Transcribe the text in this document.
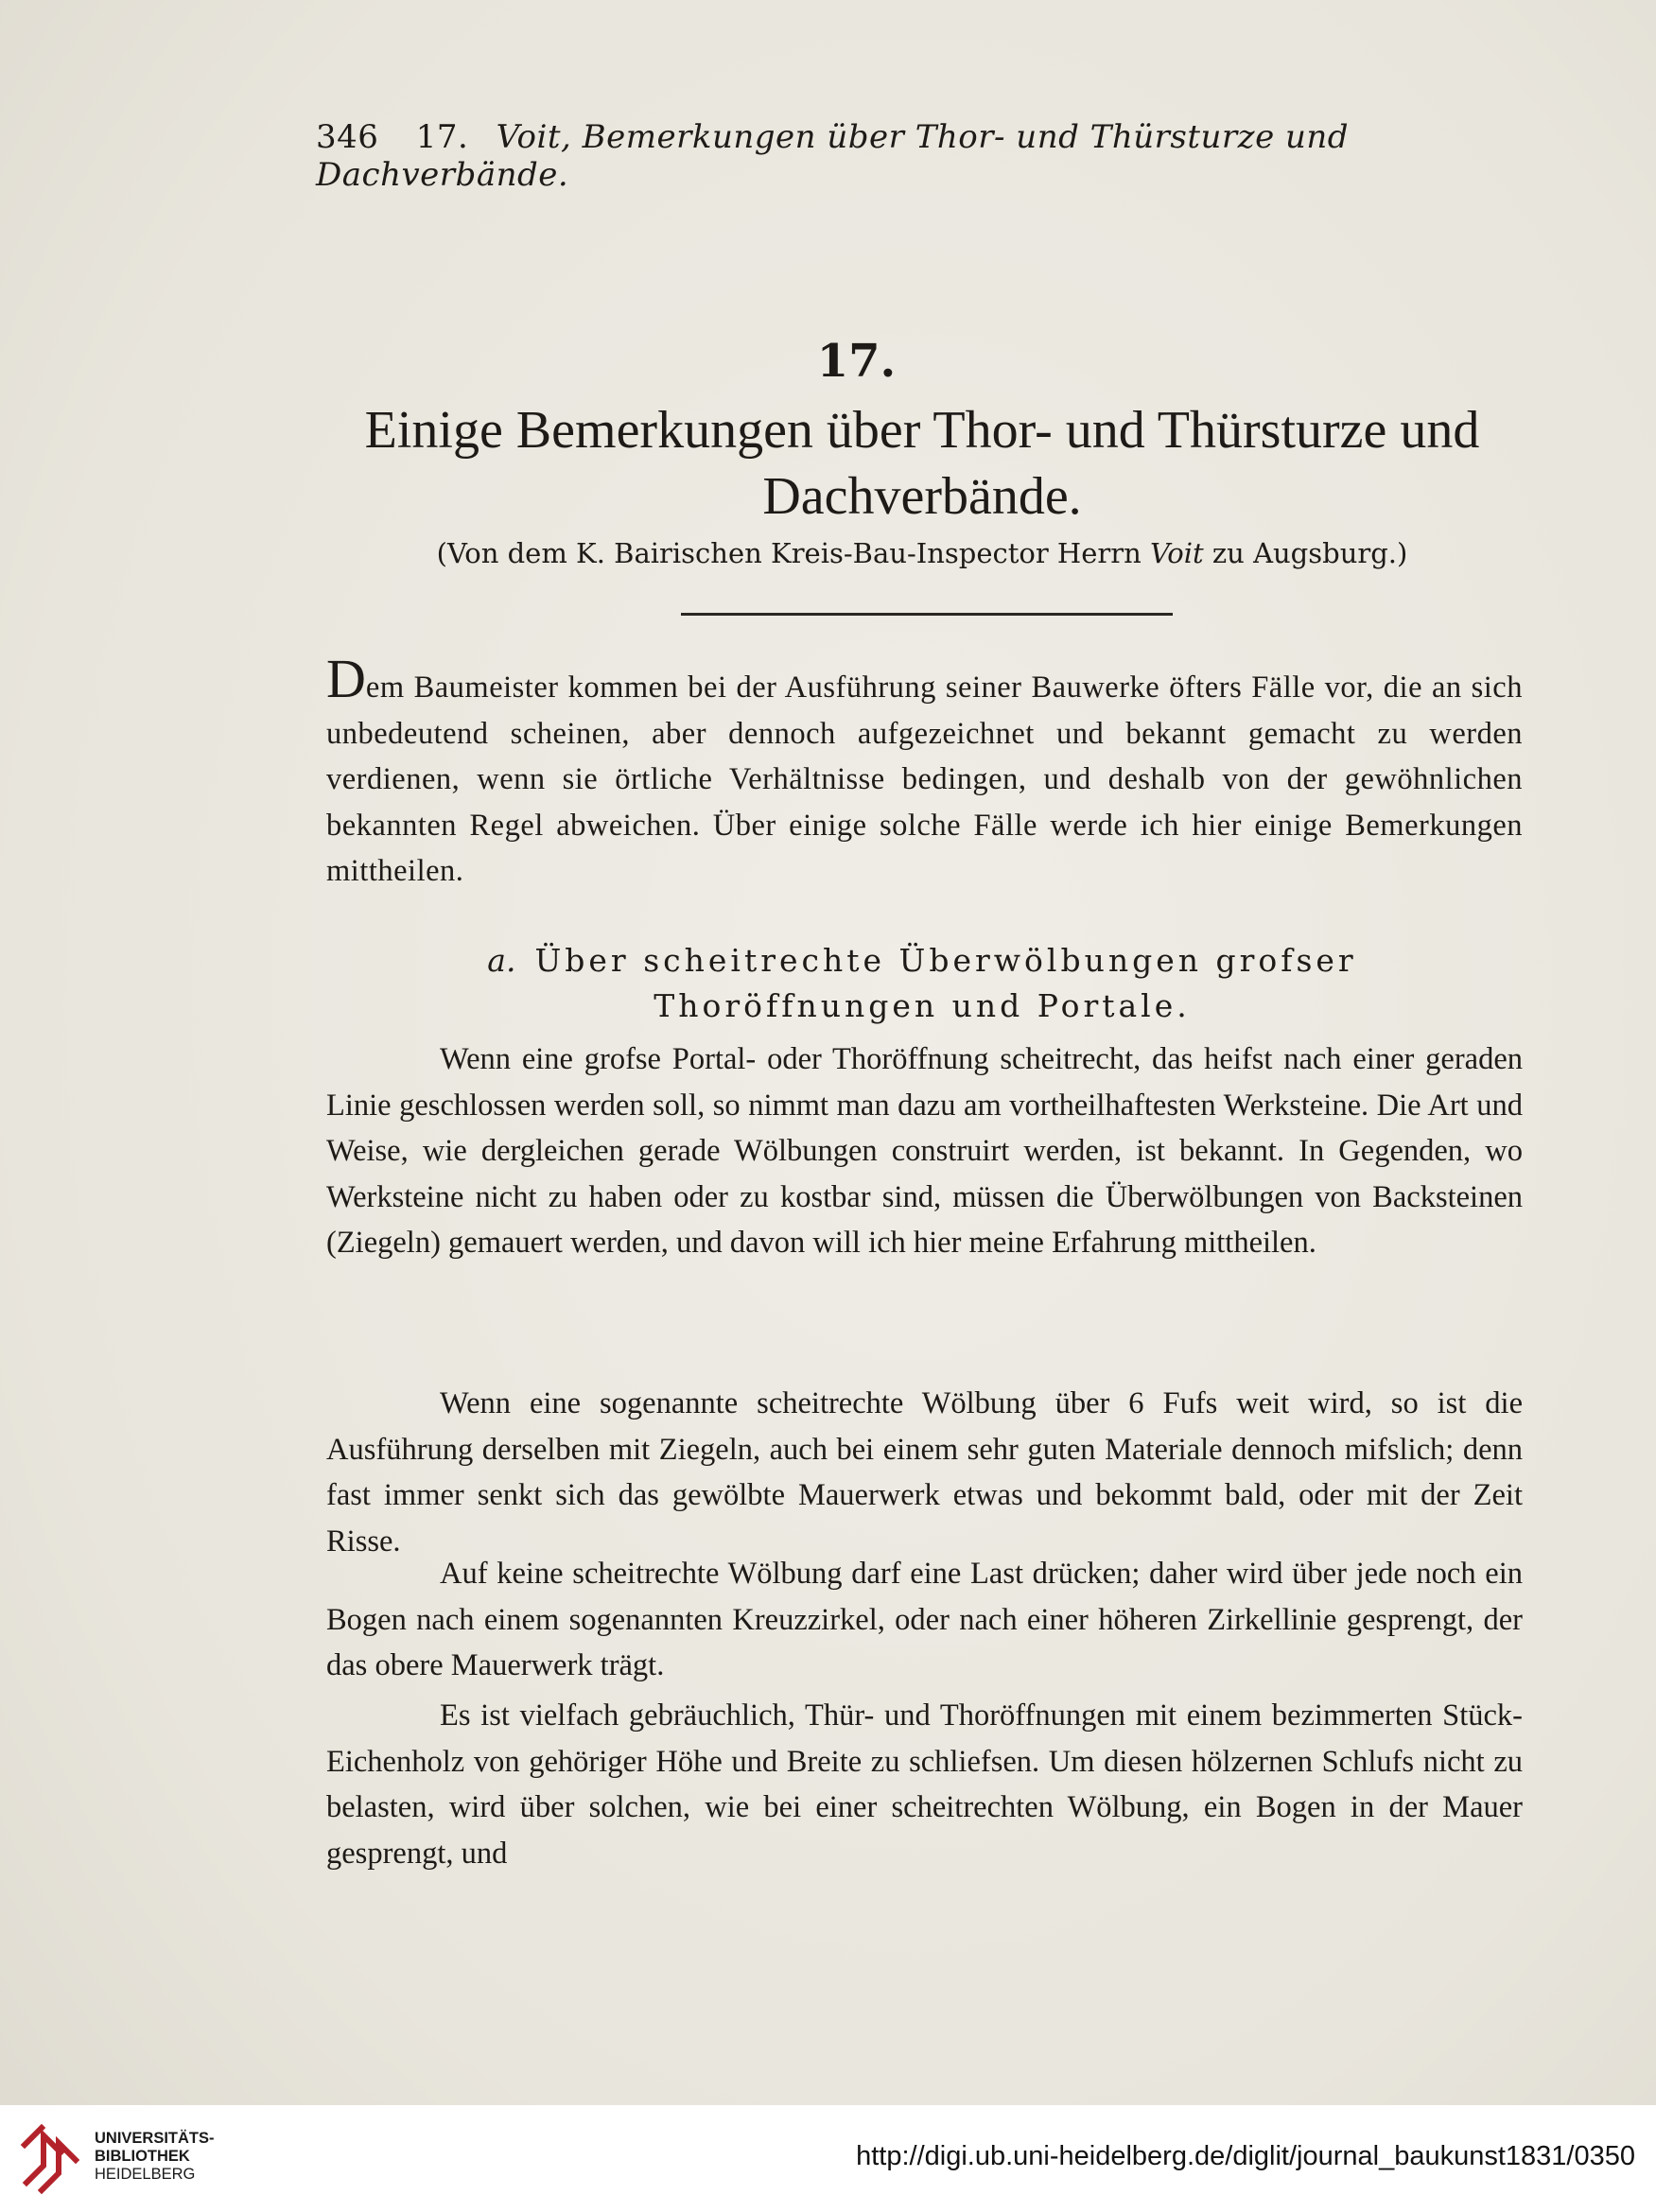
346 17. Voit, Bemerkungen über Thor- und Thürsturze und Dachverbände.
17.
Einige Bemerkungen über Thor- und Thürsturze und Dachverbände.
(Von dem K. Bairischen Kreis-Bau-Inspector Herrn Voit zu Augsburg.)
Dem Baumeister kommen bei der Ausführung seiner Bauwerke öfters Fälle vor, die an sich unbedeutend scheinen, aber dennoch aufgezeichnet und bekannt gemacht zu werden verdienen, wenn sie örtliche Verhältnisse bedingen, und deshalb von der gewöhnlichen bekannten Regel abweichen. Über einige solche Fälle werde ich hier einige Bemerkungen mittheilen.
a. Über scheitrechte Überwölbungen grofser
Thoröffnungen und Portale.
Wenn eine grofse Portal- oder Thoröffnung scheitrecht, das heifst nach einer geraden Linie geschlossen werden soll, so nimmt man dazu am vortheilhaftesten Werksteine. Die Art und Weise, wie dergleichen gerade Wölbungen construirt werden, ist bekannt. In Gegenden, wo Werksteine nicht zu haben oder zu kostbar sind, müssen die Überwölbungen von Backsteinen (Ziegeln) gemauert werden, und davon will ich hier meine Erfahrung mittheilen.
Wenn eine sogenannte scheitrechte Wölbung über 6 Fufs weit wird, so ist die Ausführung derselben mit Ziegeln, auch bei einem sehr guten Materiale dennoch mifslich; denn fast immer senkt sich das gewölbte Mauerwerk etwas und bekommt bald, oder mit der Zeit Risse.
Auf keine scheitrechte Wölbung darf eine Last drücken; daher wird über jede noch ein Bogen nach einem sogenannten Kreuzzirkel, oder nach einer höheren Zirkellinie gesprengt, der das obere Mauerwerk trägt.
Es ist vielfach gebräuchlich, Thür- und Thoröffnungen mit einem bezimmerten Stück-Eichenholz von gehöriger Höhe und Breite zu schliefsen. Um diesen hölzernen Schlufs nicht zu belasten, wird über solchen, wie bei einer scheitrechten Wölbung, ein Bogen in der Mauer gesprengt, und
UNIVERSITÄTS-
BIBLIOTHEK
HEIDELBERG
http://digi.ub.uni-heidelberg.de/diglit/journal_baukunst1831/0350
